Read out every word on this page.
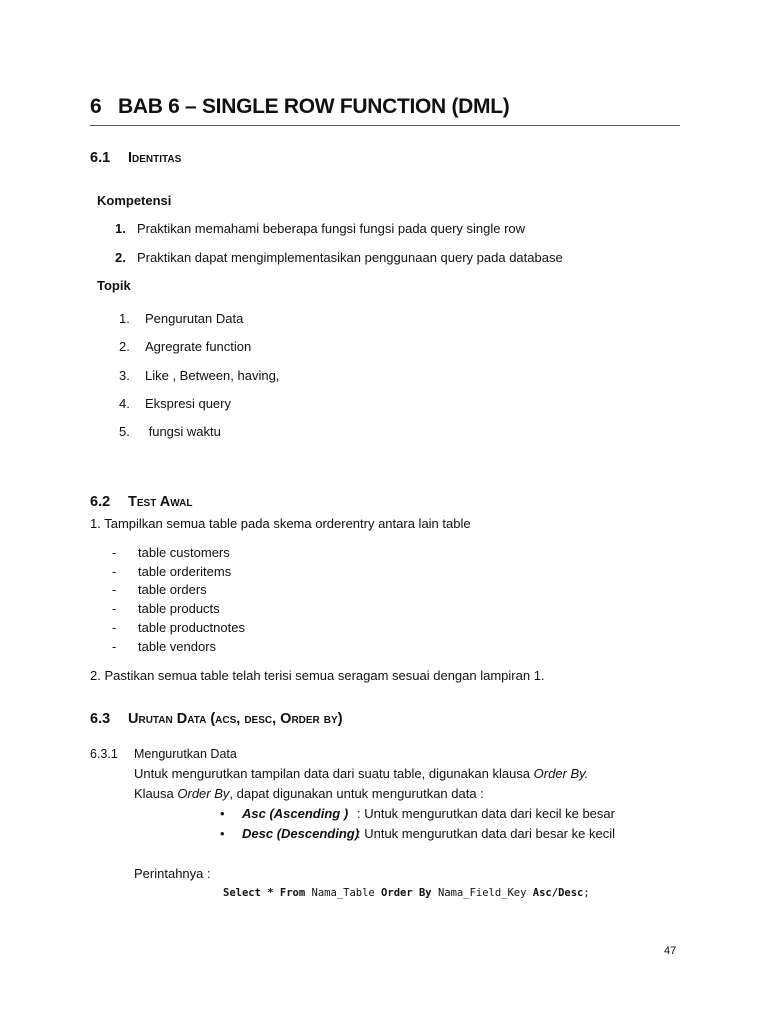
6 BAB 6 – SINGLE ROW FUNCTION (DML)
6.1 Identitas
Kompetensi
1. Praktikan memahami beberapa fungsi fungsi pada query single row
2. Praktikan dapat mengimplementasikan penggunaan query pada database
Topik
1. Pengurutan Data
2. Agregrate function
3. Like , Between, having,
4. Ekspresi query
5. fungsi waktu
6.2 Test Awal
1. Tampilkan semua table pada skema orderentry antara lain table
- table customers
- table orderitems
- table orders
- table products
- table productnotes
- table vendors
2. Pastikan semua table telah terisi semua seragam sesuai dengan lampiran 1.
6.3 Urutan Data (acs, desc, Order by)
6.3.1 Mengurutkan Data
Untuk mengurutkan tampilan data dari suatu table, digunakan klausa Order By.
Klausa Order By, dapat digunakan untuk mengurutkan data :
• Asc (Ascending ) : Untuk mengurutkan data dari kecil ke besar
• Desc (Descending): Untuk mengurutkan data dari besar ke kecil
Perintahnya :
Select * From Nama_Table Order By Nama_Field_Key Asc/Desc;
47
